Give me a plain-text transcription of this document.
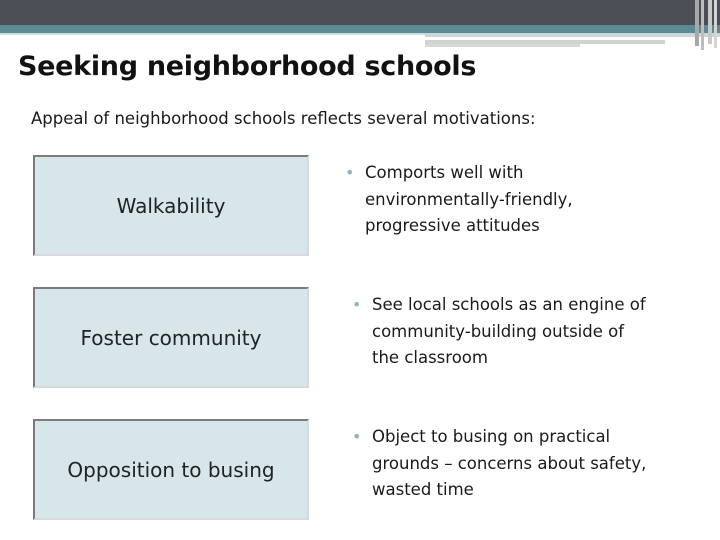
Seeking neighborhood schools
Appeal of neighborhood schools reflects several motivations:
Walkability
• Comports well with
environmentally-friendly,
progressive attitudes
Foster community
• See local schools as an engine of
community-building outside of
the classroom
Opposition to busing
• Object to busing on practical
grounds – concerns about safety,
wasted time
